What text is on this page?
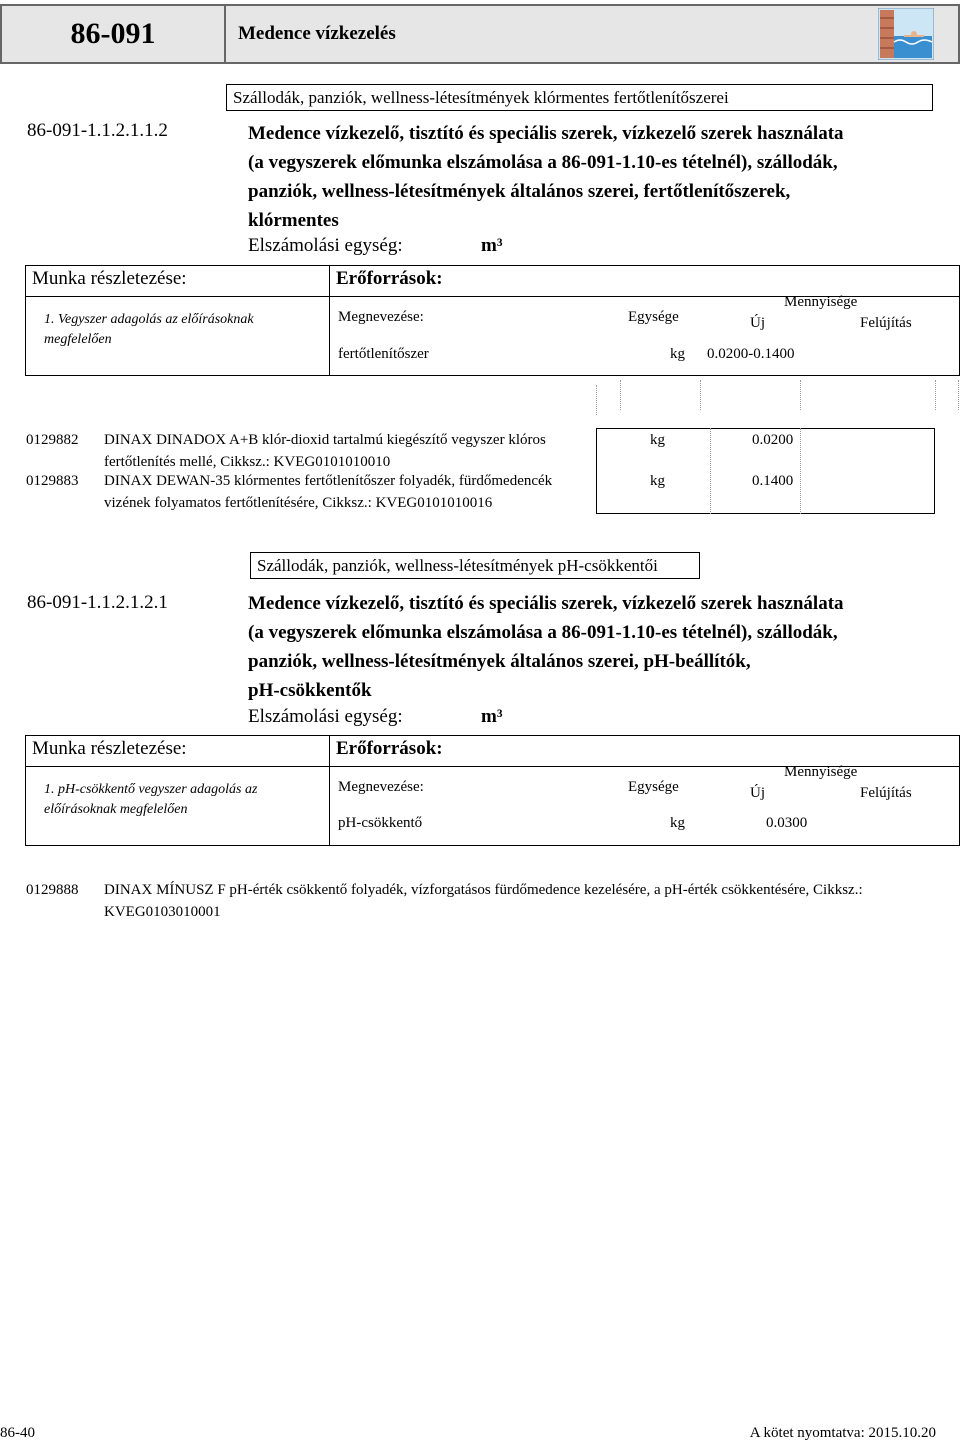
86-091	Medence vízkezelés
Szállodák, panziók, wellness-létesítmények klórmentes fertőtlenítőszerei
86-091-1.1.2.1.1.2	Medence vízkezelő, tisztító és speciális szerek, vízkezelő szerek használata
(a vegyszerek előmunka elszámolása a 86-091-1.10-es tételnél), szállodák,
panziók, wellness-létesítmények általános szerei, fertőtlenítőszerek,
klórmentes
Elszámolási egység:	m³
Munka részletezése:	Erőforrások:
1. Vegyszer adagolás az előírásoknak megfelelően
Megnevezése:	Egysége
Mennyisége
Új	Felújítás
fertőtlenítőszer	kg 0.0200-0.1400
0129882 DINAX DINADOX A+B klór-dioxid tartalmú kiegészítő vegyszer klóros
fertőtlenítés mellé, Cikksz.: KVEG0101010010
kg	0.0200
0129883 DINAX DEWAN-35 klórmentes fertőtlenítőszer folyadék, fürdőmedencék
vizének folyamatos fertőtlenítésére, Cikksz.: KVEG0101010016
kg	0.1400
Szállodák, panziók, wellness-létesítmények pH-csökkentői
86-091-1.1.2.1.2.1	Medence vízkezelő, tisztító és speciális szerek, vízkezelő szerek használata
(a vegyszerek előmunka elszámolása a 86-091-1.10-es tételnél), szállodák,
panziók, wellness-létesítmények általános szerei, pH-beállítók,
pH-csökkentők
Elszámolási egység:	m³
Munka részletezése:	Erőforrások:
1. pH-csökkentő vegyszer adagolás az előírásoknak megfelelően
Megnevezése:	Egysége
Mennyisége
Új	Felújítás
pH-csökkentő	kg	0.0300
0129888 DINAX MÍNUSZ F pH-érték csökkentő folyadék, vízforgatásos fürdőmedence kezelésére, a pH-érték csökkentésére, Cikksz.:
KVEG0103010001
86-40	A kötet nyomtatva: 2015.10.20
